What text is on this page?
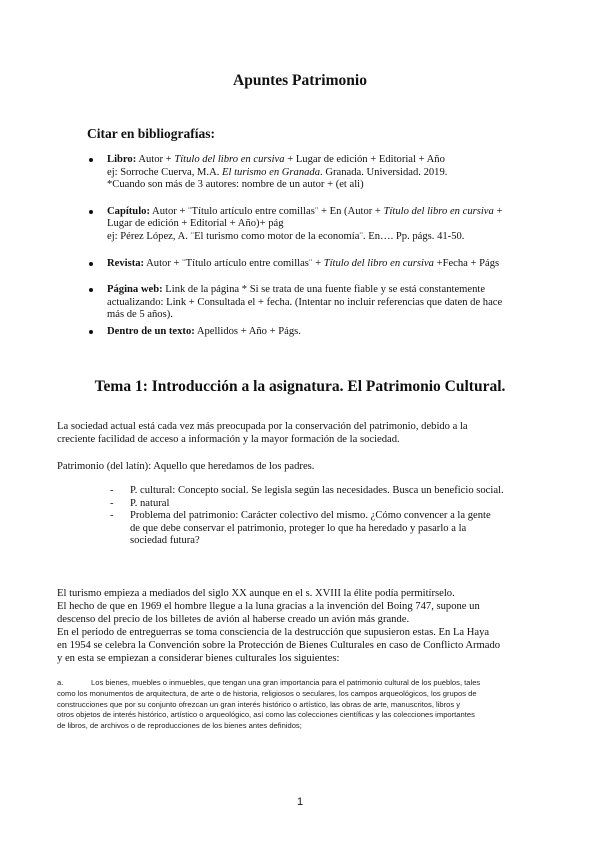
Apuntes Patrimonio
Citar en bibliografías:
Libro: Autor + Título del libro en cursiva + Lugar de edición + Editorial + Año
ej: Sorroche Cuerva, M.A. El turismo en Granada. Granada. Universidad. 2019.
*Cuando son más de 3 autores: nombre de un autor + (et ali)
Capítulo: Autor + ¨Título artículo entre comillas¨ + En (Autor + Título del libro en cursiva +
Lugar de edición + Editorial + Año)+ pág
ej: Pérez López, A. ¨El turismo como motor de la economía¨. En…. Pp. págs. 41-50.
Revista: Autor + ¨Título artículo entre comillas¨ + Título del libro en cursiva +Fecha + Págs
Página web: Link de la página * Si se trata de una fuente fiable y se está constantemente
actualizando: Link + Consultada el + fecha. (Intentar no incluir referencias que daten de hace
más de 5 años).
Dentro de un texto: Apellidos + Año + Págs.
Tema 1: Introducción a la asignatura. El Patrimonio Cultural.
La sociedad actual está cada vez más preocupada por la conservación del patrimonio, debido a la
creciente facilidad de acceso a información y la mayor formación de la sociedad.
Patrimonio (del latín): Aquello que heredamos de los padres.
- P. cultural: Concepto social. Se legisla según las necesidades. Busca un beneficio social.
- P. natural
- Problema del patrimonio: Carácter colectivo del mismo. ¿Cómo convencer a la gente
de que debe conservar el patrimonio, proteger lo que ha heredado y pasarlo a la
sociedad futura?
El turismo empieza a mediados del siglo XX aunque en el s. XVIII la élite podía permitírselo.
El hecho de que en 1969 el hombre llegue a la luna gracias a la invención del Boing 747, supone un
descenso del precio de los billetes de avión al haberse creado un avión más grande.
En el periodo de entreguerras se toma consciencia de la destrucción que supusieron estas. En La Haya
en 1954 se celebra la Convención sobre la Protección de Bienes Culturales en caso de Conflicto Armado
y en esta se empiezan a considerar bienes culturales los siguientes:
a.	Los bienes, muebles o inmuebles, que tengan una gran importancia para el patrimonio cultural de los pueblos, tales
como los monumentos de arquitectura, de arte o de historia, religiosos o seculares, los campos arqueológicos, los grupos de
construcciones que por su conjunto ofrezcan un gran interés histórico o artístico, las obras de arte, manuscritos, libros y
otros objetos de interés histórico, artístico o arqueológico, así como las colecciones científicas y las colecciones importantes
de libros, de archivos o de reproducciones de los bienes antes definidos;
1
